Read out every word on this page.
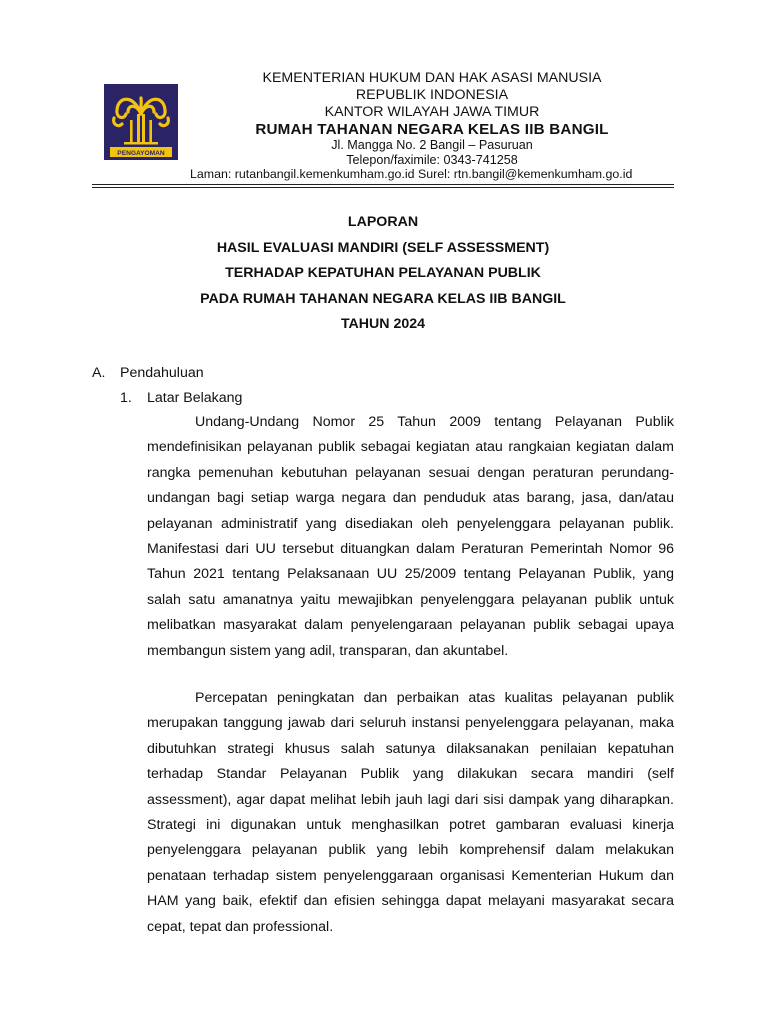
PENGAYOMAN
KEMENTERIAN HUKUM DAN HAK ASASI MANUSIA
REPUBLIK INDONESIA
KANTOR WILAYAH JAWA TIMUR
RUMAH TAHANAN NEGARA KELAS IIB BANGIL
Jl. Mangga No. 2 Bangil – Pasuruan
Telepon/faximile: 0343-741258
Laman: rutanbangil.kemenkumham.go.id Surel: rtn.bangil@kemenkumham.go.id
LAPORAN
HASIL EVALUASI MANDIRI (SELF ASSESSMENT)
TERHADAP KEPATUHAN PELAYANAN PUBLIK
PADA RUMAH TAHANAN NEGARA KELAS IIB BANGIL
TAHUN 2024
A. Pendahuluan
1. Latar Belakang
Undang-Undang Nomor 25 Tahun 2009 tentang Pelayanan Publik mendefinisikan pelayanan publik sebagai kegiatan atau rangkaian kegiatan dalam rangka pemenuhan kebutuhan pelayanan sesuai dengan peraturan perundang-undangan bagi setiap warga negara dan penduduk atas barang, jasa, dan/atau pelayanan administratif yang disediakan oleh penyelenggara pelayanan publik. Manifestasi dari UU tersebut dituangkan dalam Peraturan Pemerintah Nomor 96 Tahun 2021 tentang Pelaksanaan UU 25/2009 tentang Pelayanan Publik, yang salah satu amanatnya yaitu mewajibkan penyelenggara pelayanan publik untuk melibatkan masyarakat dalam penyelengaraan pelayanan publik sebagai upaya membangun sistem yang adil, transparan, dan akuntabel.
Percepatan peningkatan dan perbaikan atas kualitas pelayanan publik merupakan tanggung jawab dari seluruh instansi penyelenggara pelayanan, maka dibutuhkan strategi khusus salah satunya dilaksanakan penilaian kepatuhan terhadap Standar Pelayanan Publik yang dilakukan secara mandiri (self assessment), agar dapat melihat lebih jauh lagi dari sisi dampak yang diharapkan. Strategi ini digunakan untuk menghasilkan potret gambaran evaluasi kinerja penyelenggara pelayanan publik yang lebih komprehensif dalam melakukan penataan terhadap sistem penyelenggaraan organisasi Kementerian Hukum dan HAM yang baik, efektif dan efisien sehingga dapat melayani masyarakat secara cepat, tepat dan professional.
